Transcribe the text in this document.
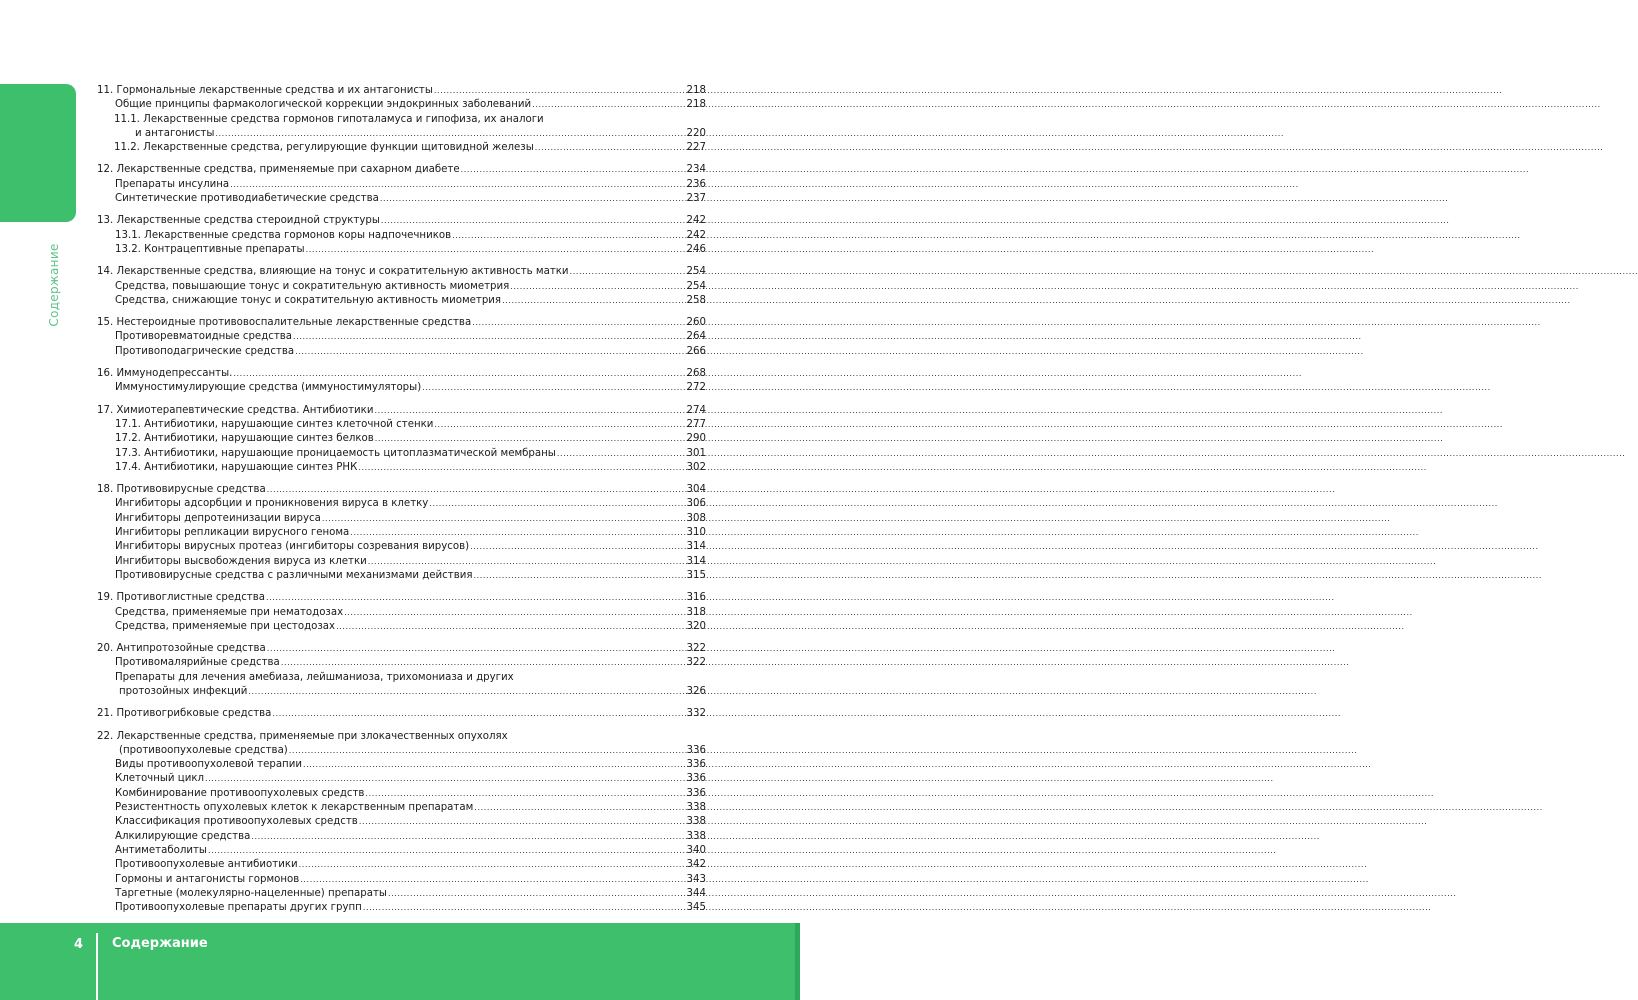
Содержание
11. Гормональные лекарственные средства и их антагонисты .....	218
Общие принципы фармакологической коррекции эндокринных заболеваний .....	218
11.1. Лекарственные средства гормонов гипоталамуса и гипофиза, их аналоги
и антагонисты .....	220
11.2. Лекарственные средства, регулирующие функции щитовидной железы .....	227
12. Лекарственные средства, применяемые при сахарном диабете .....	234
Препараты инсулина .....	236
Синтетические противодиабетические средства .....	237
13. Лекарственные средства стероидной структуры .....	242
13.1. Лекарственные средства гормонов коры надпочечников .....	242
13.2. Контрацептивные препараты .....	246
14. Лекарственные средства, влияющие на тонус и сократительную активность матки .....	254
Средства, повышающие тонус и сократительную активность миометрия .....	254
Средства, снижающие тонус и сократительную активность миометрия .....	258
15. Нестероидные противовоспалительные лекарственные средства .....	260
Противоревматоидные средства .....	264
Противоподагрические средства .....	266
16. Иммунодепрессанты. .....	268
Иммуностимулирующие средства (иммуностимуляторы) .....	272
17. Химиотерапевтические средства. Антибиотики .....	274
17.1. Антибиотики, нарушающие синтез клеточной стенки .....	277
17.2. Антибиотики, нарушающие синтез белков .....	290
17.3. Антибиотики, нарушающие проницаемость цитоплазматической мембраны .....	301
17.4. Антибиотики, нарушающие синтез РНК .....	302
18. Противовирусные средства .....	304
Ингибиторы адсорбции и проникновения вируса в клетку .....	306
Ингибиторы депротеинизации вируса .....	308
Ингибиторы репликации вирусного генома .....	310
Ингибиторы вирусных протеаз (ингибиторы созревания вирусов) .....	314
Ингибиторы высвобождения вируса из клетки .....	314
Противовирусные средства с различными механизмами действия .....	315
19. Противоглистные средства .....	316
Средства, применяемые при нематодозах .....	318
Средства, применяемые при цестодозах .....	320
20. Антипротозойные средства .....	322
Противомалярийные средства .....	322
Препараты для лечения амебиаза, лейшманиоза, трихомониаза и других
протозойных инфекций .....	326
21. Противогрибковые средства .....	332
22. Лекарственные средства, применяемые при злокачественных опухолях
(противоопухолевые средства) .....	336
Виды противоопухолевой терапии .....	336
Клеточный цикл .....	336
Комбинирование противоопухолевых средств .....	336
Резистентность опухолевых клеток к лекарственным препаратам .....	338
Классификация противоопухолевых средств .....	338
Алкилирующие средства .....	338
Антиметаболиты .....	340
Противоопухолевые антибиотики .....	342
Гормоны и антагонисты гормонов .....	343
Таргетные (молекулярно-нацеленные) препараты .....	344
Противоопухолевые препараты других групп .....	345
4 Содержание
